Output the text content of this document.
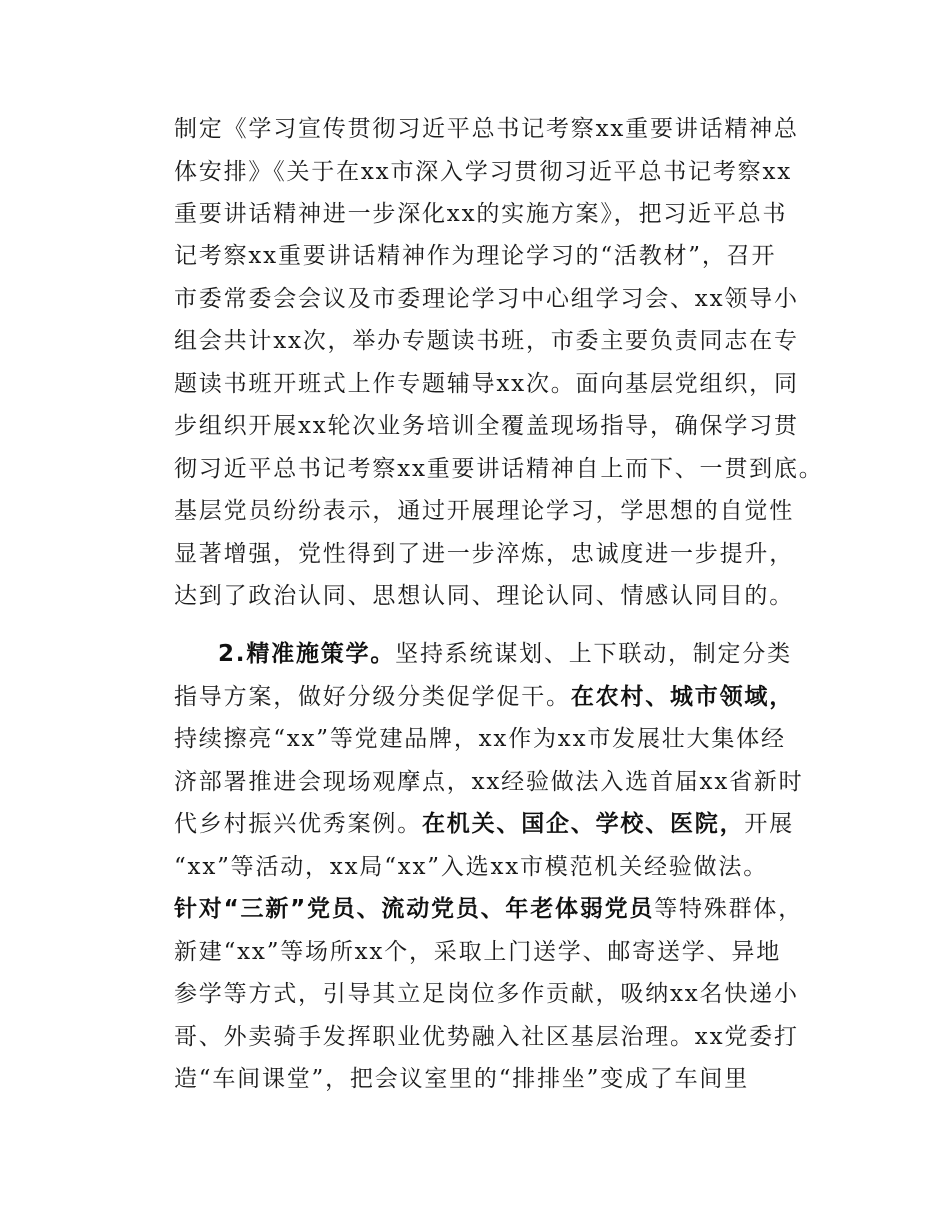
制定《学习宣传贯彻习近平总书记考察xx重要讲话精神总
体安排》《关于在xx市深入学习贯彻习近平总书记考察xx
重要讲话精神进一步深化xx的实施方案》，把习近平总书
记考察xx重要讲话精神作为理论学习的“活教材”，召开
市委常委会会议及市委理论学习中心组学习会、xx领导小
组会共计xx次，举办专题读书班，市委主要负责同志在专
题读书班开班式上作专题辅导xx次。面向基层党组织，同
步组织开展xx轮次业务培训全覆盖现场指导，确保学习贯
彻习近平总书记考察xx重要讲话精神自上而下、一贯到底。
基层党员纷纷表示，通过开展理论学习，学思想的自觉性
显著增强，党性得到了进一步淬炼，忠诚度进一步提升，
达到了政治认同、思想认同、理论认同、情感认同目的。
2.精准施策学。坚持系统谋划、上下联动，制定分类
指导方案，做好分级分类促学促干。在农村、城市领域，
持续擦亮“xx”等党建品牌，xx作为xx市发展壮大集体经
济部署推进会现场观摩点，xx经验做法入选首届xx省新时
代乡村振兴优秀案例。在机关、国企、学校、医院，开展
“xx”等活动，xx局“xx”入选xx市模范机关经验做法。
针对“三新”党员、流动党员、年老体弱党员等特殊群体，
新建“xx”等场所xx个，采取上门送学、邮寄送学、异地
参学等方式，引导其立足岗位多作贡献，吸纳xx名快递小
哥、外卖骑手发挥职业优势融入社区基层治理。xx党委打
造“车间课堂”，把会议室里的“排排坐”变成了车间里
